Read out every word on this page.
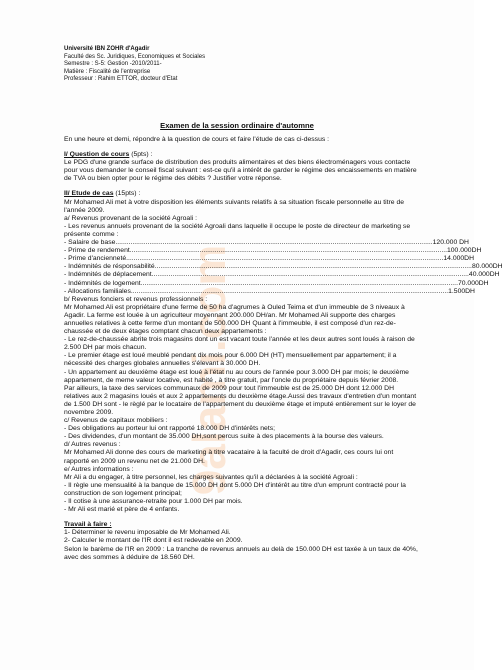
9alami.com
Université IBN ZOHR d'Agadir
Faculté des Sc. Juridiques, Economiques et Sociales
Semestre : S-5: Gestion -2010/2011-
Matière : Fiscalité de l'entreprise
Professeur : Rahim ETTOR, docteur d'Etat
Examen de la session ordinaire d'automne

En une heure et demi, répondre à la question de cours et faire l'étude de cas ci-dessus :

I/ Question de cours (5pts) :

Le PDG d'une grande surface de distribution des produits alimentaires et des biens électroménagers vous contacte pour vous demander le conseil fiscal suivant : est-ce qu'il a intérêt de garder le régime des encaissements en matière de TVA ou bien opter pour le régime des débits ? Justifier votre réponse.

II/ Etude de cas (15pts) :

Mr Mohamed Ali met à votre disposition les éléments suivants relatifs à sa situation fiscale personnelle au titre de l'année 2009.

a/ Revenus provenant de la société Agroali :

- Les revenus annuels provenant de la société Agroali dans laquelle il occupe le poste de directeur de marketing se présente comme :

- Salaire de base ........................................................................................................................................................................ 120.000 DH
- Prime de rendement ........................................................................................................................................................................ 100.000DH
- Prime d'ancienneté ........................................................................................................................................................................ 14.000DH
- Indémnités de résponsabilité ........................................................................................................................................................................ 80.000DH
- Indémnités de déplacement ........................................................................................................................................................................ 40.000DH
- Indémnités de logement ........................................................................................................................................................................ 70.000DH
- Allocations familiales ........................................................................................................................................................................ 1.500DH

b/ Revenus fonciers et revenus professionnels :

Mr Mohamed Ali est propriétaire d'une ferme de 50 ha d'agrumes à Ouled Teima et d'un immeuble de 3 niveaux à Agadir. La ferme est louée à un agriculteur moyennant 200.000 DH/an. Mr Mohamed Ali supporte des charges annuelles relatives à cette ferme d'un montant de 500.000 DH Quant à l'immeuble, il est composé d'un rez-de-chaussée et de deux étages comptant chacun deux appartements :

- Le rez-de-chaussée abrite trois magasins dont un est vacant toute l'année et les deux autres sont loués à raison de 2.500 DH par mois chacun.

- Le premier étage est loué meublé pendant dix mois pour 6.000 DH (HT) mensuellement par appartement; il a nécessité des charges globales annuelles s'élevant à 30.000 DH.

- Un appartement au deuxième étage est loué à l'état nu au cours de l'année pour 3.000 DH par mois; le deuxième appartement, de meme valeur locative, est habité , à titre gratuit, par l'oncle du propriétaire depuis février 2008.

Par ailleurs, la taxe des services communaux de 2009 pour tout l'immeuble est de 25.000 DH dont 12.000 DH relatives aux 2 magasins loués et aux 2 appartements du deuxième étage.Aussi des travaux d'entretien d'un montant de 1.500 DH sont - le règlé par le locataire de l'appartement du deuxième étage et imputé entièrement sur le loyer de novembre 2009.

c/ Revenus de capitaux mobiliers :

- Des obligations au porteur lui ont rapporté 18.000 DH d'intérêts nets;

- Des dividendes, d'un montant de 35.000 DH,sont percus suite à des placements à la bourse des valeurs.

d/ Autres revenus :

Mr Mohamed Ali donne des cours de marketing à titre vacataire à la faculté de droit d'Agadir, ces cours lui ont rapporté en 2009 un revenu net de 21.000 DH.

e/ Autres informations :

Mr Ali a du engager, à titre personnel, les charges suivantes qu'il a déclarées à la société Agroali :

- Il règle une mensualité à la banque de 15.000 DH dont 5.000 DH d'intérêt au titre d'un emprunt contracté pour la construction de son logement principal;

- Il cotise à une assurance-retraite pour 1.000 DH par mois.

- Mr Ali est marié et père de 4 enfants.

Travail à faire :

1- Déterminer le revenu imposable de Mr Mohamed Ali.

2- Calculer le montant de l'IR dont il est redevable en 2009.

Selon le barème de l'IR en 2009 : La tranche de revenus annuels au delà de 150.000 DH est taxée à un taux de 40%, avec des sommes à déduire de 18.560 DH.
